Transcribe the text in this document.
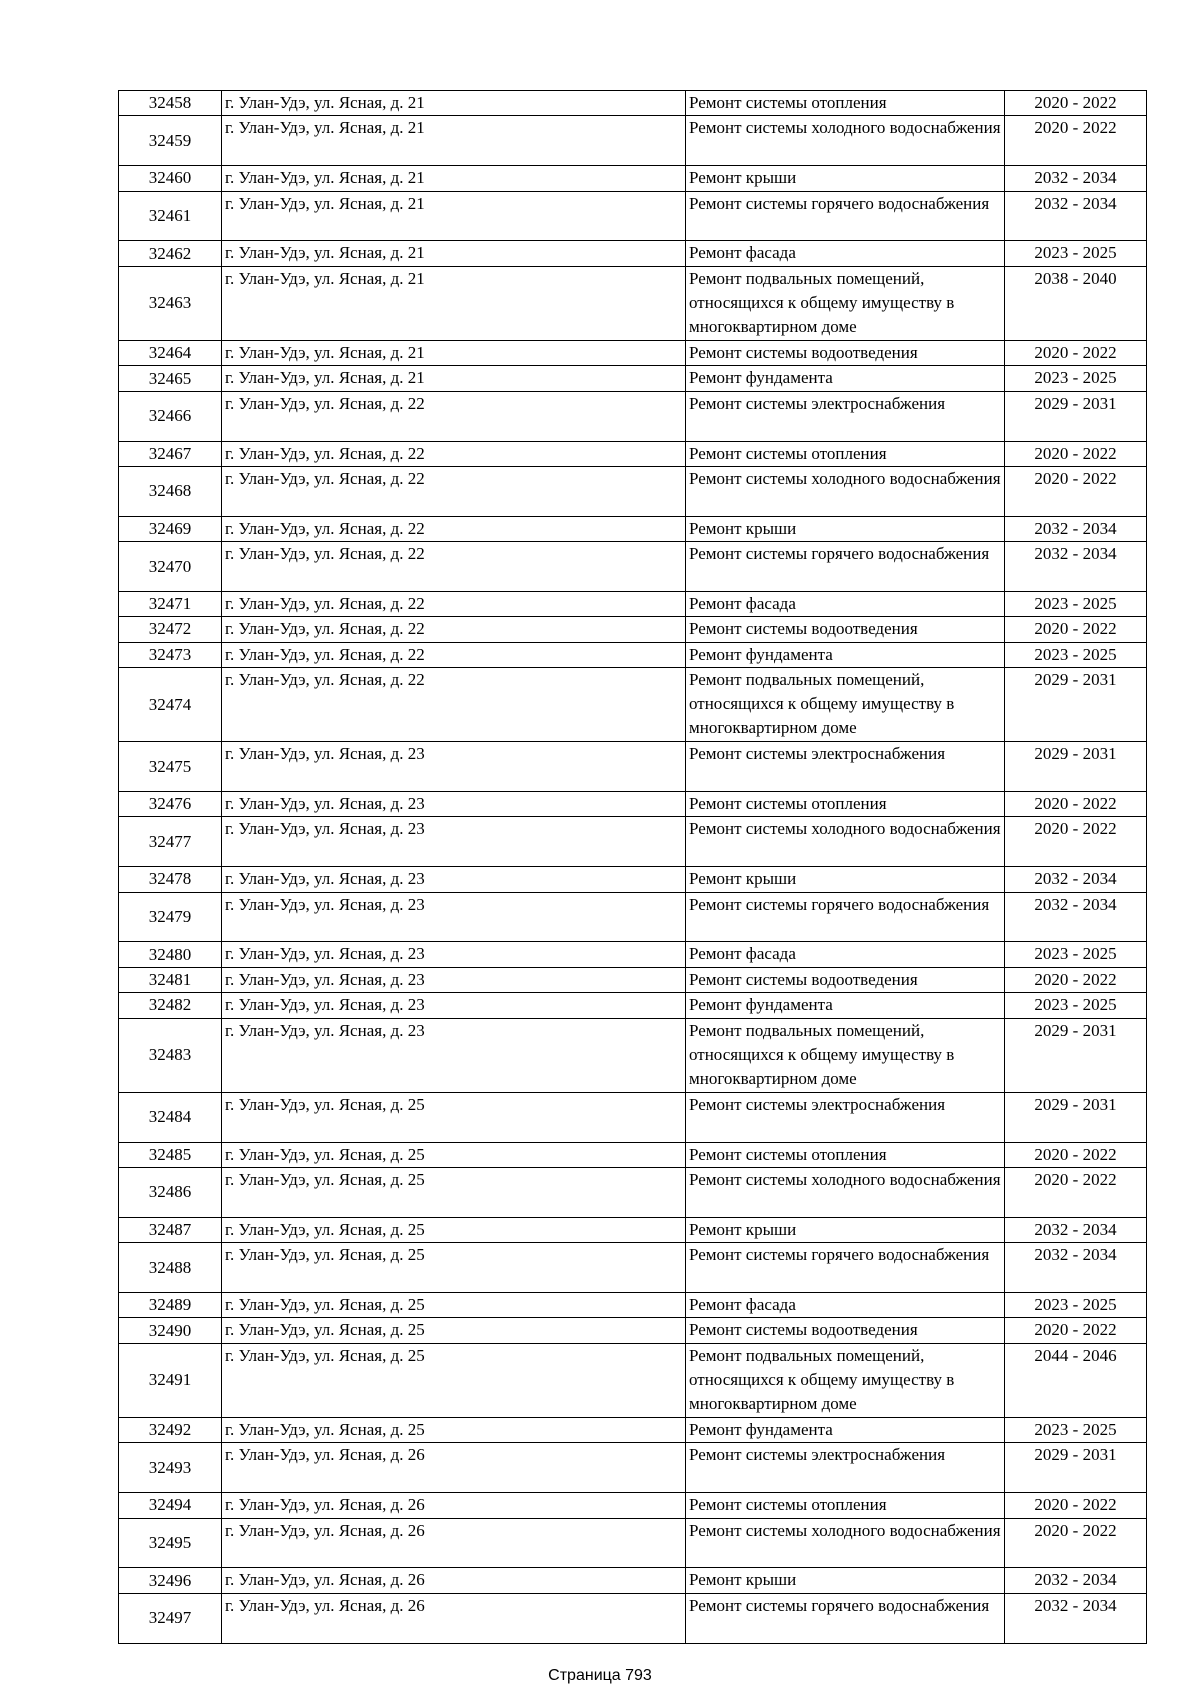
32458	г. Улан-Удэ, ул. Ясная, д. 21	Ремонт системы отопления	2020 - 2022
32459	г. Улан-Удэ, ул. Ясная, д. 21	Ремонт системы холодного водоснабжения	2020 - 2022
32460	г. Улан-Удэ, ул. Ясная, д. 21	Ремонт крыши	2032 - 2034
32461	г. Улан-Удэ, ул. Ясная, д. 21	Ремонт системы горячего водоснабжения	2032 - 2034
32462	г. Улан-Удэ, ул. Ясная, д. 21	Ремонт фасада	2023 - 2025
32463	г. Улан-Удэ, ул. Ясная, д. 21	Ремонт подвальных помещений, относящихся к общему имуществу в многоквартирном доме	2038 - 2040
32464	г. Улан-Удэ, ул. Ясная, д. 21	Ремонт системы водоотведения	2020 - 2022
32465	г. Улан-Удэ, ул. Ясная, д. 21	Ремонт фундамента	2023 - 2025
32466	г. Улан-Удэ, ул. Ясная, д. 22	Ремонт системы электроснабжения	2029 - 2031
32467	г. Улан-Удэ, ул. Ясная, д. 22	Ремонт системы отопления	2020 - 2022
32468	г. Улан-Удэ, ул. Ясная, д. 22	Ремонт системы холодного водоснабжения	2020 - 2022
32469	г. Улан-Удэ, ул. Ясная, д. 22	Ремонт крыши	2032 - 2034
32470	г. Улан-Удэ, ул. Ясная, д. 22	Ремонт системы горячего водоснабжения	2032 - 2034
32471	г. Улан-Удэ, ул. Ясная, д. 22	Ремонт фасада	2023 - 2025
32472	г. Улан-Удэ, ул. Ясная, д. 22	Ремонт системы водоотведения	2020 - 2022
32473	г. Улан-Удэ, ул. Ясная, д. 22	Ремонт фундамента	2023 - 2025
32474	г. Улан-Удэ, ул. Ясная, д. 22	Ремонт подвальных помещений, относящихся к общему имуществу в многоквартирном доме	2029 - 2031
32475	г. Улан-Удэ, ул. Ясная, д. 23	Ремонт системы электроснабжения	2029 - 2031
32476	г. Улан-Удэ, ул. Ясная, д. 23	Ремонт системы отопления	2020 - 2022
32477	г. Улан-Удэ, ул. Ясная, д. 23	Ремонт системы холодного водоснабжения	2020 - 2022
32478	г. Улан-Удэ, ул. Ясная, д. 23	Ремонт крыши	2032 - 2034
32479	г. Улан-Удэ, ул. Ясная, д. 23	Ремонт системы горячего водоснабжения	2032 - 2034
32480	г. Улан-Удэ, ул. Ясная, д. 23	Ремонт фасада	2023 - 2025
32481	г. Улан-Удэ, ул. Ясная, д. 23	Ремонт системы водоотведения	2020 - 2022
32482	г. Улан-Удэ, ул. Ясная, д. 23	Ремонт фундамента	2023 - 2025
32483	г. Улан-Удэ, ул. Ясная, д. 23	Ремонт подвальных помещений, относящихся к общему имуществу в многоквартирном доме	2029 - 2031
32484	г. Улан-Удэ, ул. Ясная, д. 25	Ремонт системы электроснабжения	2029 - 2031
32485	г. Улан-Удэ, ул. Ясная, д. 25	Ремонт системы отопления	2020 - 2022
32486	г. Улан-Удэ, ул. Ясная, д. 25	Ремонт системы холодного водоснабжения	2020 - 2022
32487	г. Улан-Удэ, ул. Ясная, д. 25	Ремонт крыши	2032 - 2034
32488	г. Улан-Удэ, ул. Ясная, д. 25	Ремонт системы горячего водоснабжения	2032 - 2034
32489	г. Улан-Удэ, ул. Ясная, д. 25	Ремонт фасада	2023 - 2025
32490	г. Улан-Удэ, ул. Ясная, д. 25	Ремонт системы водоотведения	2020 - 2022
32491	г. Улан-Удэ, ул. Ясная, д. 25	Ремонт подвальных помещений, относящихся к общему имуществу в многоквартирном доме	2044 - 2046
32492	г. Улан-Удэ, ул. Ясная, д. 25	Ремонт фундамента	2023 - 2025
32493	г. Улан-Удэ, ул. Ясная, д. 26	Ремонт системы электроснабжения	2029 - 2031
32494	г. Улан-Удэ, ул. Ясная, д. 26	Ремонт системы отопления	2020 - 2022
32495	г. Улан-Удэ, ул. Ясная, д. 26	Ремонт системы холодного водоснабжения	2020 - 2022
32496	г. Улан-Удэ, ул. Ясная, д. 26	Ремонт крыши	2032 - 2034
32497	г. Улан-Удэ, ул. Ясная, д. 26	Ремонт системы горячего водоснабжения	2032 - 2034
Страница 793
